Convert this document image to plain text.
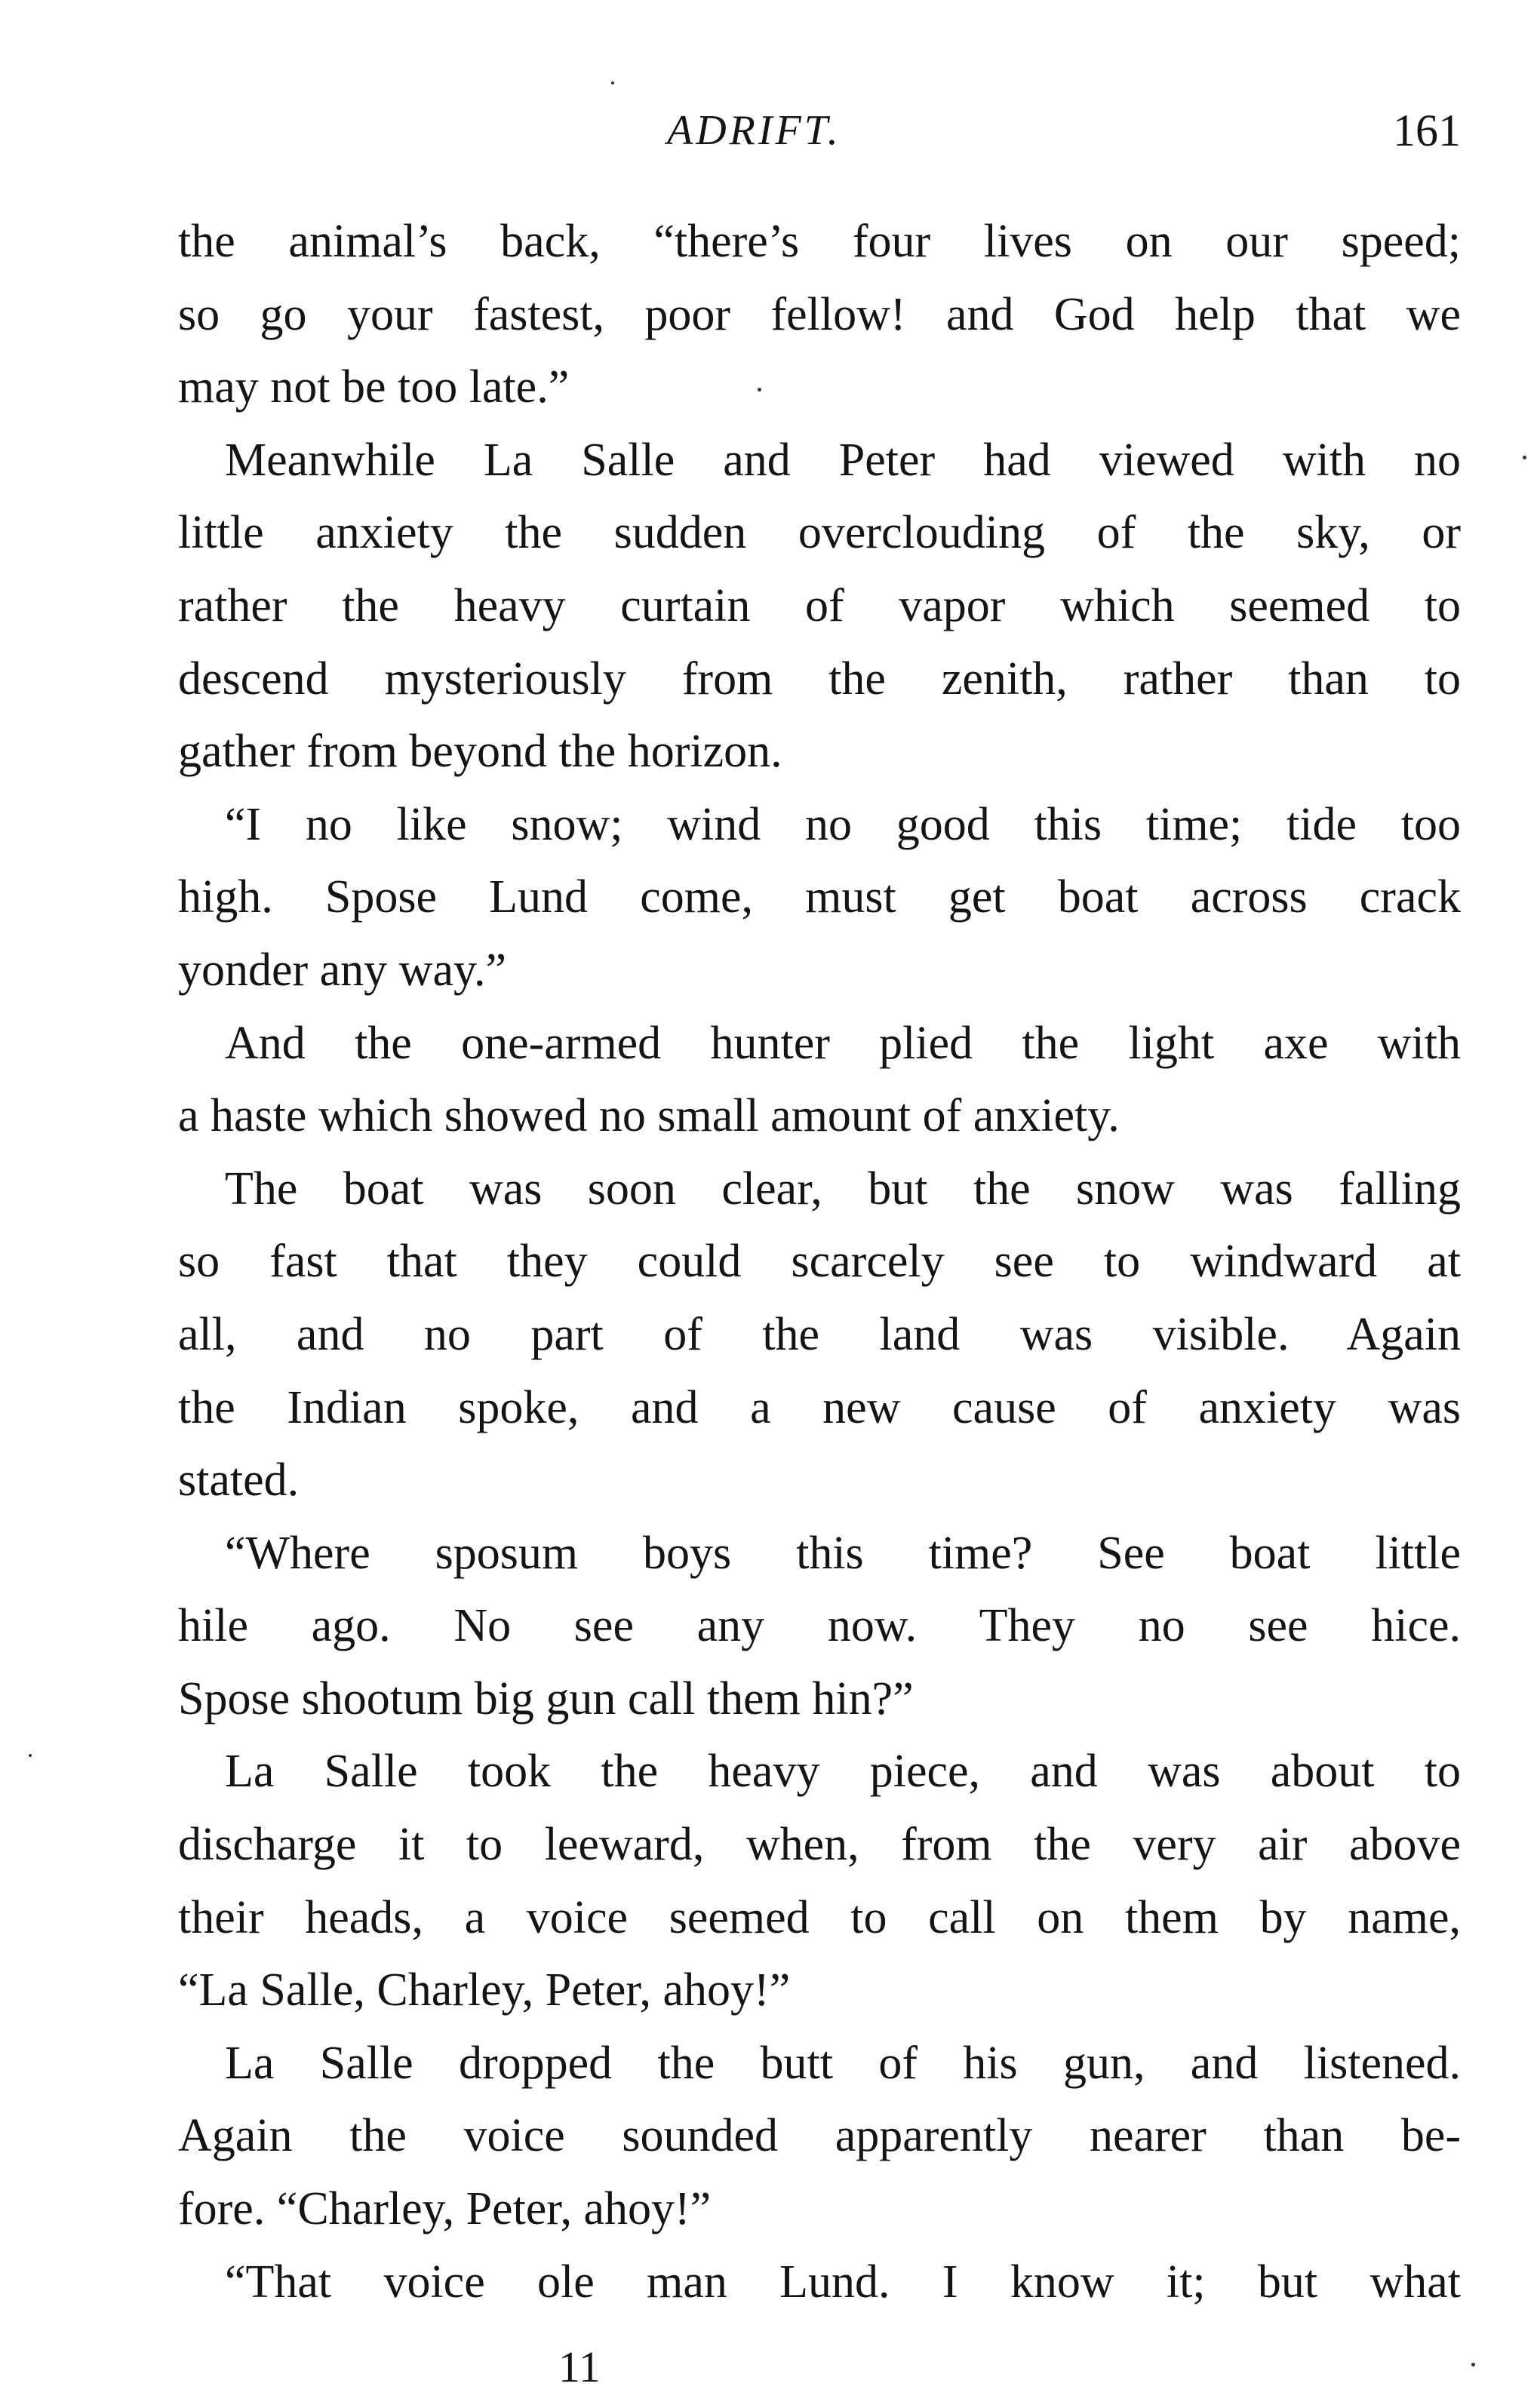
ADRIFT.	161
the animal’s back, “there’s four lives on our speed;
so go your fastest, poor fellow! and God help that we
may not be too late.”
Meanwhile La Salle and Peter had viewed with no
little anxiety the sudden overclouding of the sky, or
rather the heavy curtain of vapor which seemed to
descend mysteriously from the zenith, rather than to
gather from beyond the horizon.
“I no like snow; wind no good this time; tide too
high. Spose Lund come, must get boat across crack
yonder any way.”
And the one-armed hunter plied the light axe with
a haste which showed no small amount of anxiety.
The boat was soon clear, but the snow was falling
so fast that they could scarcely see to windward at
all, and no part of the land was visible. Again
the Indian spoke, and a new cause of anxiety was
stated.
“Where sposum boys this time? See boat little
hile ago. No see any now. They no see hice.
Spose shootum big gun call them hin?”
La Salle took the heavy piece, and was about to
discharge it to leeward, when, from the very air above
their heads, a voice seemed to call on them by name,
“La Salle, Charley, Peter, ahoy!”
La Salle dropped the butt of his gun, and listened.
Again the voice sounded apparently nearer than be-
fore. “Charley, Peter, ahoy!”
“That voice ole man Lund. I know it; but what
11
